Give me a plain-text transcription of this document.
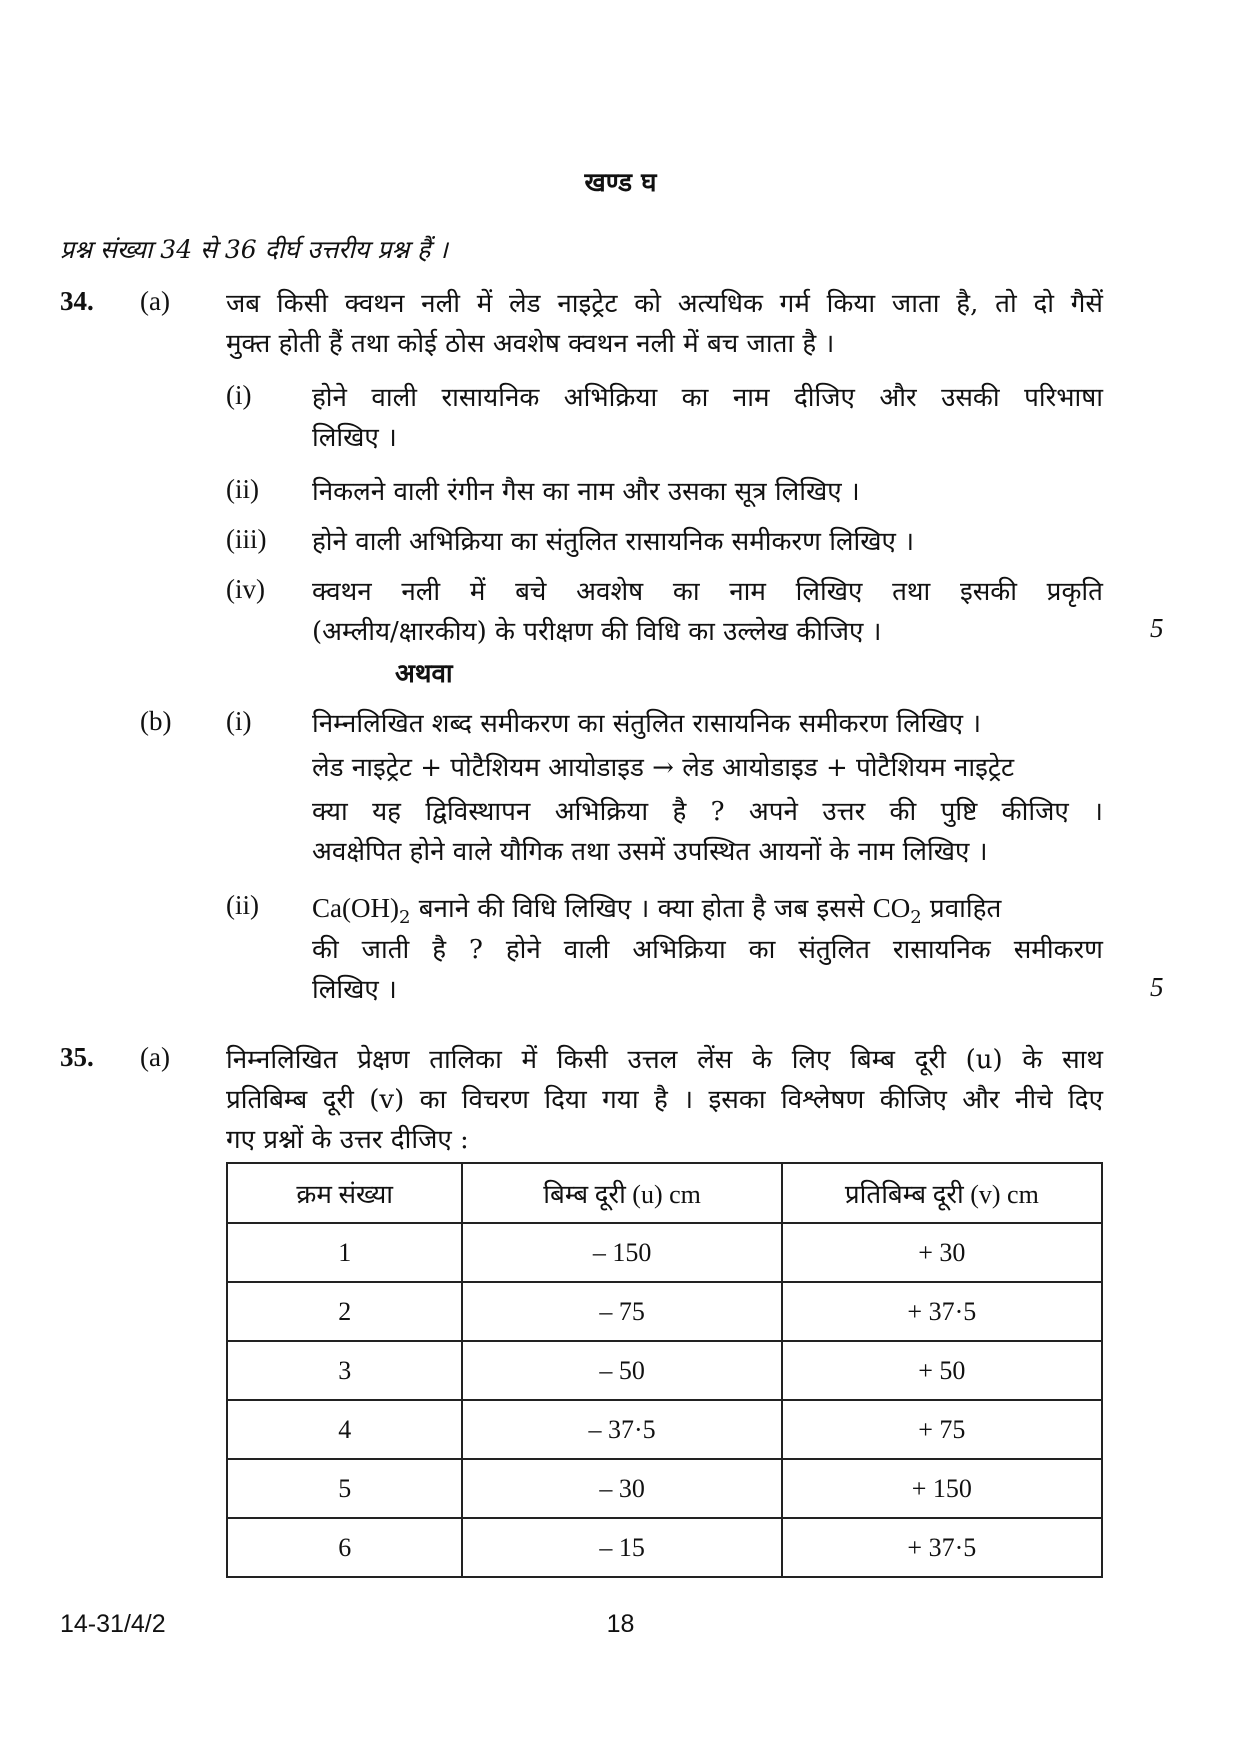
खण्ड घ
प्रश्न संख्या 34 से 36 दीर्घ उत्तरीय प्रश्न हैं ।
34. (a) जब किसी क्वथन नली में लेड नाइट्रेट को अत्यधिक गर्म किया जाता है, तो दो गैसें
मुक्त होती हैं तथा कोई ठोस अवशेष क्वथन नली में बच जाता है ।
(i) होने वाली रासायनिक अभिक्रिया का नाम दीजिए और उसकी परिभाषा
लिखिए ।
(ii) निकलने वाली रंगीन गैस का नाम और उसका सूत्र लिखिए ।
(iii) होने वाली अभिक्रिया का संतुलित रासायनिक समीकरण लिखिए ।
(iv) क्वथन नली में बचे अवशेष का नाम लिखिए तथा इसकी प्रकृति
(अम्लीय/क्षारकीय) के परीक्षण की विधि का उल्लेख कीजिए ।	5
अथवा
(b) (i) निम्नलिखित शब्द समीकरण का संतुलित रासायनिक समीकरण लिखिए ।
लेड नाइट्रेट + पोटैशियम आयोडाइड → लेड आयोडाइड + पोटैशियम नाइट्रेट
क्या यह द्विविस्थापन अभिक्रिया है ? अपने उत्तर की पुष्टि कीजिए ।
अवक्षेपित होने वाले यौगिक तथा उसमें उपस्थित आयनों के नाम लिखिए ।
(ii) $Ca(OH)_2$ बनाने की विधि लिखिए । क्या होता है जब इससे $CO_2$ प्रवाहित
की जाती है ? होने वाली अभिक्रिया का संतुलित रासायनिक समीकरण
लिखिए ।	5
35. (a) निम्नलिखित प्रेक्षण तालिका में किसी उत्तल लेंस के लिए बिम्ब दूरी (u) के साथ
प्रतिबिम्ब दूरी (v) का विचरण दिया गया है । इसका विश्लेषण कीजिए और नीचे दिए
गए प्रश्नों के उत्तर दीजिए :
क्रम संख्या	बिम्ब दूरी (u) cm	प्रतिबिम्ब दूरी (v) cm
1	– 150	+ 30
2	– 75	+ 37·5
3	– 50	+ 50
4	– 37·5	+ 75
5	– 30	+ 150
6	– 15	+ 37·5
14-31/4/2	18
